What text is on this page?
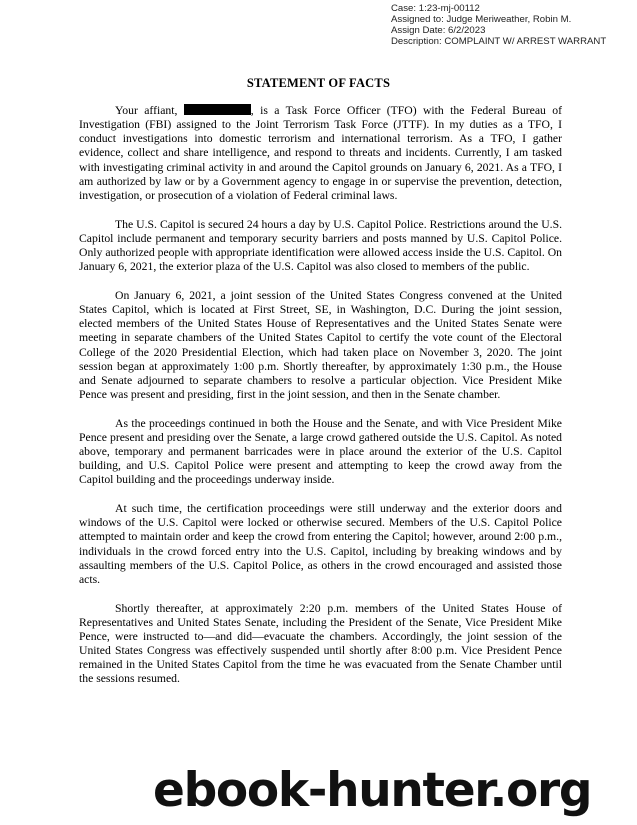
Case: 1:23-mj-00112
Assigned to: Judge Meriweather, Robin M.
Assign Date: 6/2/2023
Description: COMPLAINT W/ ARREST WARRANT
STATEMENT OF FACTS

Your affiant,	, is a Task Force Officer (TFO) with the Federal Bureau of Investigation (FBI) assigned to the Joint Terrorism Task Force (JTTF). In my duties as a TFO, I conduct investigations into domestic terrorism and international terrorism. As a TFO, I gather evidence, collect and share intelligence, and respond to threats and incidents. Currently, I am tasked with investigating criminal activity in and around the Capitol grounds on January 6, 2021. As a TFO, I am authorized by law or by a Government agency to engage in or supervise the prevention, detection, investigation, or prosecution of a violation of Federal criminal laws.

The U.S. Capitol is secured 24 hours a day by U.S. Capitol Police. Restrictions around the U.S. Capitol include permanent and temporary security barriers and posts manned by U.S. Capitol Police. Only authorized people with appropriate identification were allowed access inside the U.S. Capitol. On January 6, 2021, the exterior plaza of the U.S. Capitol was also closed to members of the public.

On January 6, 2021, a joint session of the United States Congress convened at the United States Capitol, which is located at First Street, SE, in Washington, D.C. During the joint session, elected members of the United States House of Representatives and the United States Senate were meeting in separate chambers of the United States Capitol to certify the vote count of the Electoral College of the 2020 Presidential Election, which had taken place on November 3, 2020. The joint session began at approximately 1:00 p.m. Shortly thereafter, by approximately 1:30 p.m., the House and Senate adjourned to separate chambers to resolve a particular objection. Vice President Mike Pence was present and presiding, first in the joint session, and then in the Senate chamber.

As the proceedings continued in both the House and the Senate, and with Vice President Mike Pence present and presiding over the Senate, a large crowd gathered outside the U.S. Capitol. As noted above, temporary and permanent barricades were in place around the exterior of the U.S. Capitol building, and U.S. Capitol Police were present and attempting to keep the crowd away from the Capitol building and the proceedings underway inside.

At such time, the certification proceedings were still underway and the exterior doors and windows of the U.S. Capitol were locked or otherwise secured. Members of the U.S. Capitol Police attempted to maintain order and keep the crowd from entering the Capitol; however, around 2:00 p.m., individuals in the crowd forced entry into the U.S. Capitol, including by breaking windows and by assaulting members of the U.S. Capitol Police, as others in the crowd encouraged and assisted those acts.

Shortly thereafter, at approximately 2:20 p.m. members of the United States House of Representatives and United States Senate, including the President of the Senate, Vice President Mike Pence, were instructed to—and did—evacuate the chambers. Accordingly, the joint session of the United States Congress was effectively suspended until shortly after 8:00 p.m. Vice President Pence remained in the United States Capitol from the time he was evacuated from the Senate Chamber until the sessions resumed.

ebook-hunter.org
